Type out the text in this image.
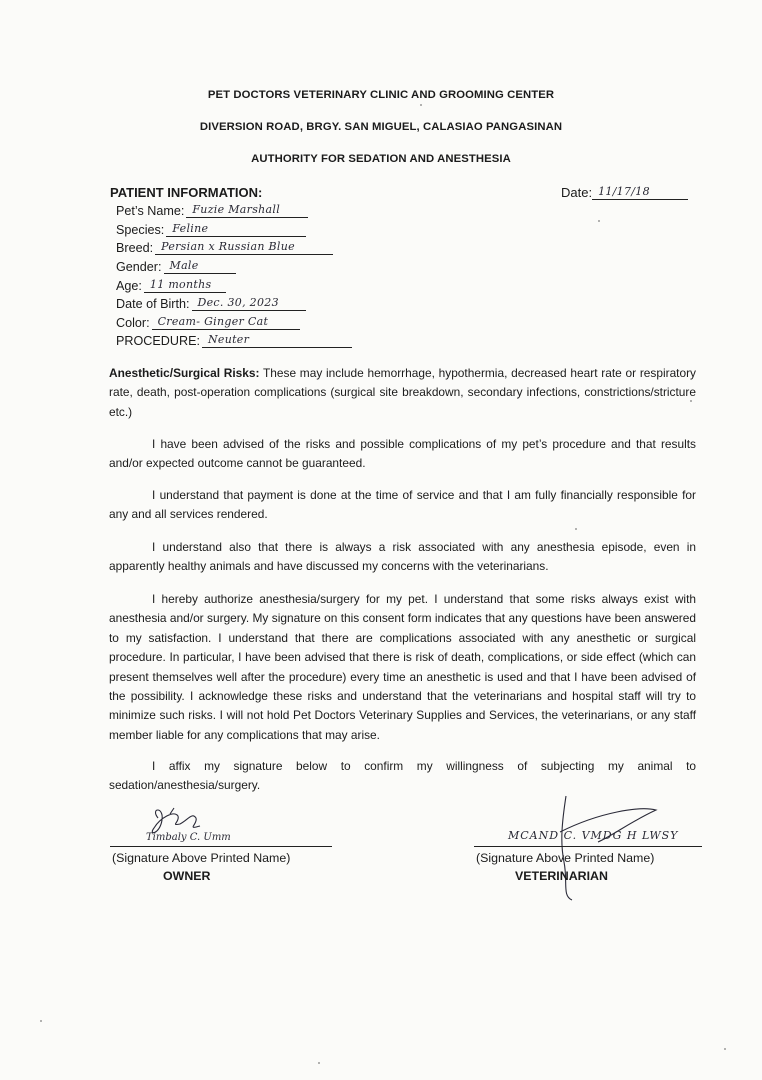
PET DOCTORS VETERINARY CLINIC AND GROOMING CENTER
DIVERSION ROAD, BRGY. SAN MIGUEL, CALASIAO PANGASINAN
AUTHORITY FOR SEDATION AND ANESTHESIA
PATIENT INFORMATION:	Date: 11/17/18
Pet’s Name: Fuzie Marshall
Species: Feline
Breed: Persian x Russian Blue
Gender: Male
Age: 11 months
Date of Birth: Dec. 30, 2023
Color: Cream- Ginger Cat
PROCEDURE: Neuter
Anesthetic/Surgical Risks: These may include hemorrhage, hypothermia, decreased heart rate or respiratory rate, death, post-operation complications (surgical site breakdown, secondary infections, constrictions/stricture etc.)
I have been advised of the risks and possible complications of my pet’s procedure and that results and/or expected outcome cannot be guaranteed.
I understand that payment is done at the time of service and that I am fully financially responsible for any and all services rendered.
I understand also that there is always a risk associated with any anesthesia episode, even in apparently healthy animals and have discussed my concerns with the veterinarians.
I hereby authorize anesthesia/surgery for my pet. I understand that some risks always exist with anesthesia and/or surgery. My signature on this consent form indicates that any questions have been answered to my satisfaction. I understand that there are complications associated with any anesthetic or surgical procedure. In particular, I have been advised that there is risk of death, complications, or side effect (which can present themselves well after the procedure) every time an anesthetic is used and that I have been advised of the possibility. I acknowledge these risks and understand that the veterinarians and hospital staff will try to minimize such risks. I will not hold Pet Doctors Veterinary Supplies and Services, the veterinarians, or any staff member liable for any complications that may arise.
I affix my signature below to confirm my willingness of subjecting my animal to sedation/anesthesia/surgery.
Timbaly C. Umm
(Signature Above Printed Name)
OWNER
MCAND C. VMDG H LWSY
(Signature Above Printed Name)
VETERINARIAN
